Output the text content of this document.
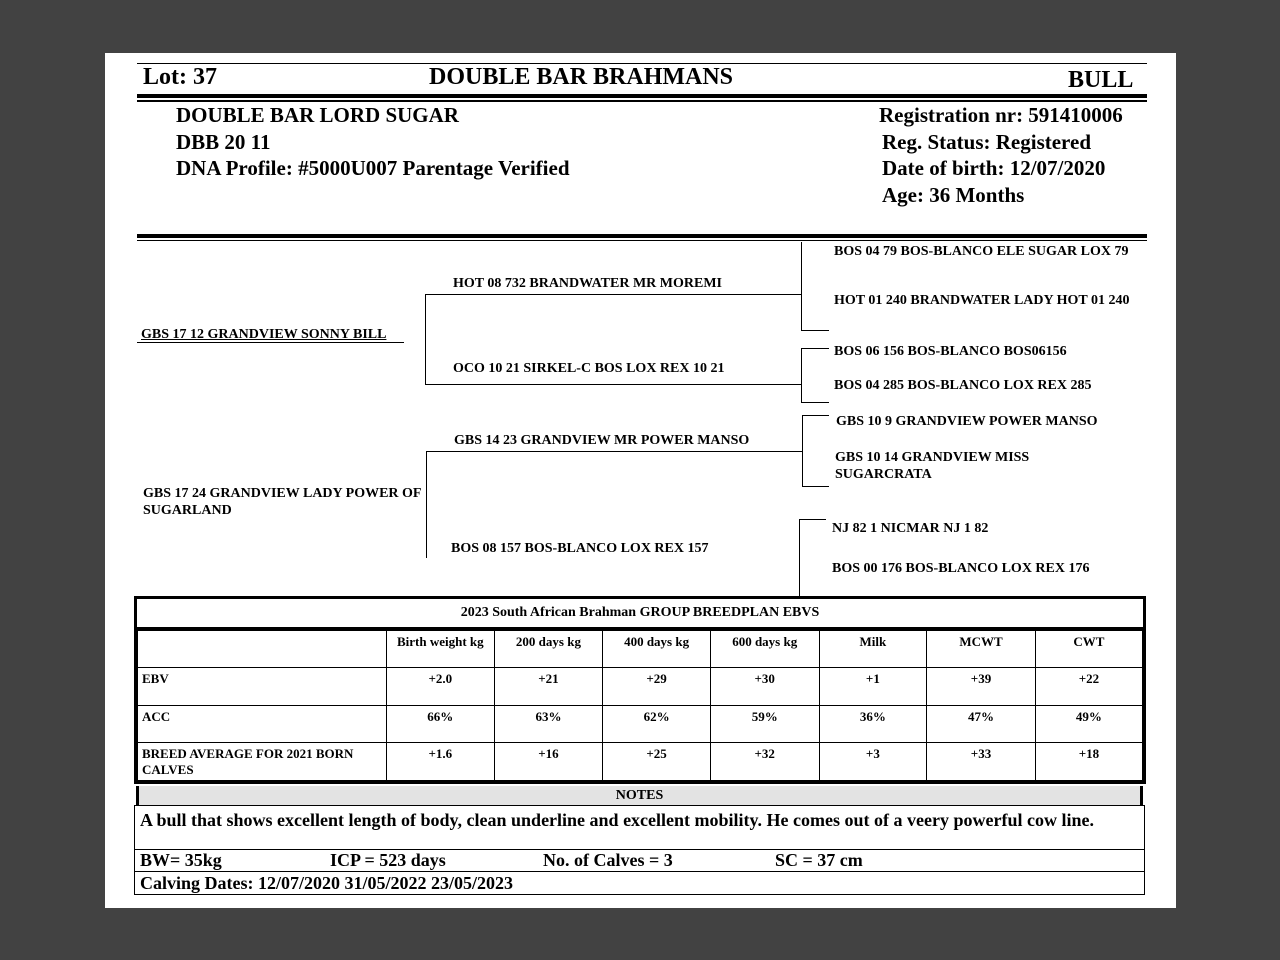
Lot: 37	DOUBLE BAR BRAHMANS	BULL
DOUBLE BAR LORD SUGAR
DBB 20 11
DNA Profile: #5000U007 Parentage Verified
Registration nr: 591410006
Reg. Status: Registered
Date of birth: 12/07/2020
Age: 36 Months
GBS 17 12 GRANDVIEW SONNY BILL
GBS 17 24 GRANDVIEW LADY POWER OF SUGARLAND
HOT 08 732 BRANDWATER MR MOREMI
OCO 10 21 SIRKEL-C BOS LOX REX 10 21
GBS 14 23 GRANDVIEW MR POWER MANSO
BOS 08 157 BOS-BLANCO LOX REX 157
BOS 04 79 BOS-BLANCO ELE SUGAR LOX 79
HOT 01 240 BRANDWATER LADY HOT 01 240
BOS 06 156 BOS-BLANCO BOS06156
BOS 04 285 BOS-BLANCO LOX REX 285
GBS 10 9 GRANDVIEW POWER MANSO
GBS 10 14 GRANDVIEW MISS SUGARCRATA
NJ 82 1 NICMAR NJ 1 82
BOS 00 176 BOS-BLANCO LOX REX 176
2023 South African Brahman GROUP BREEDPLAN EBVS
	Birth weight kg	200 days kg	400 days kg	600 days kg	Milk	MCWT	CWT
EBV	+2.0	+21	+29	+30	+1	+39	+22
ACC	66%	63%	62%	59%	36%	47%	49%
BREED AVERAGE FOR 2021 BORN CALVES	+1.6	+16	+25	+32	+3	+33	+18
NOTES
A bull that shows excellent length of body, clean underline and excellent mobility. He comes out of a veery powerful cow line.
BW= 35kg	ICP = 523 days	No. of Calves = 3	SC = 37 cm
Calving Dates: 12/07/2020 31/05/2022 23/05/2023
